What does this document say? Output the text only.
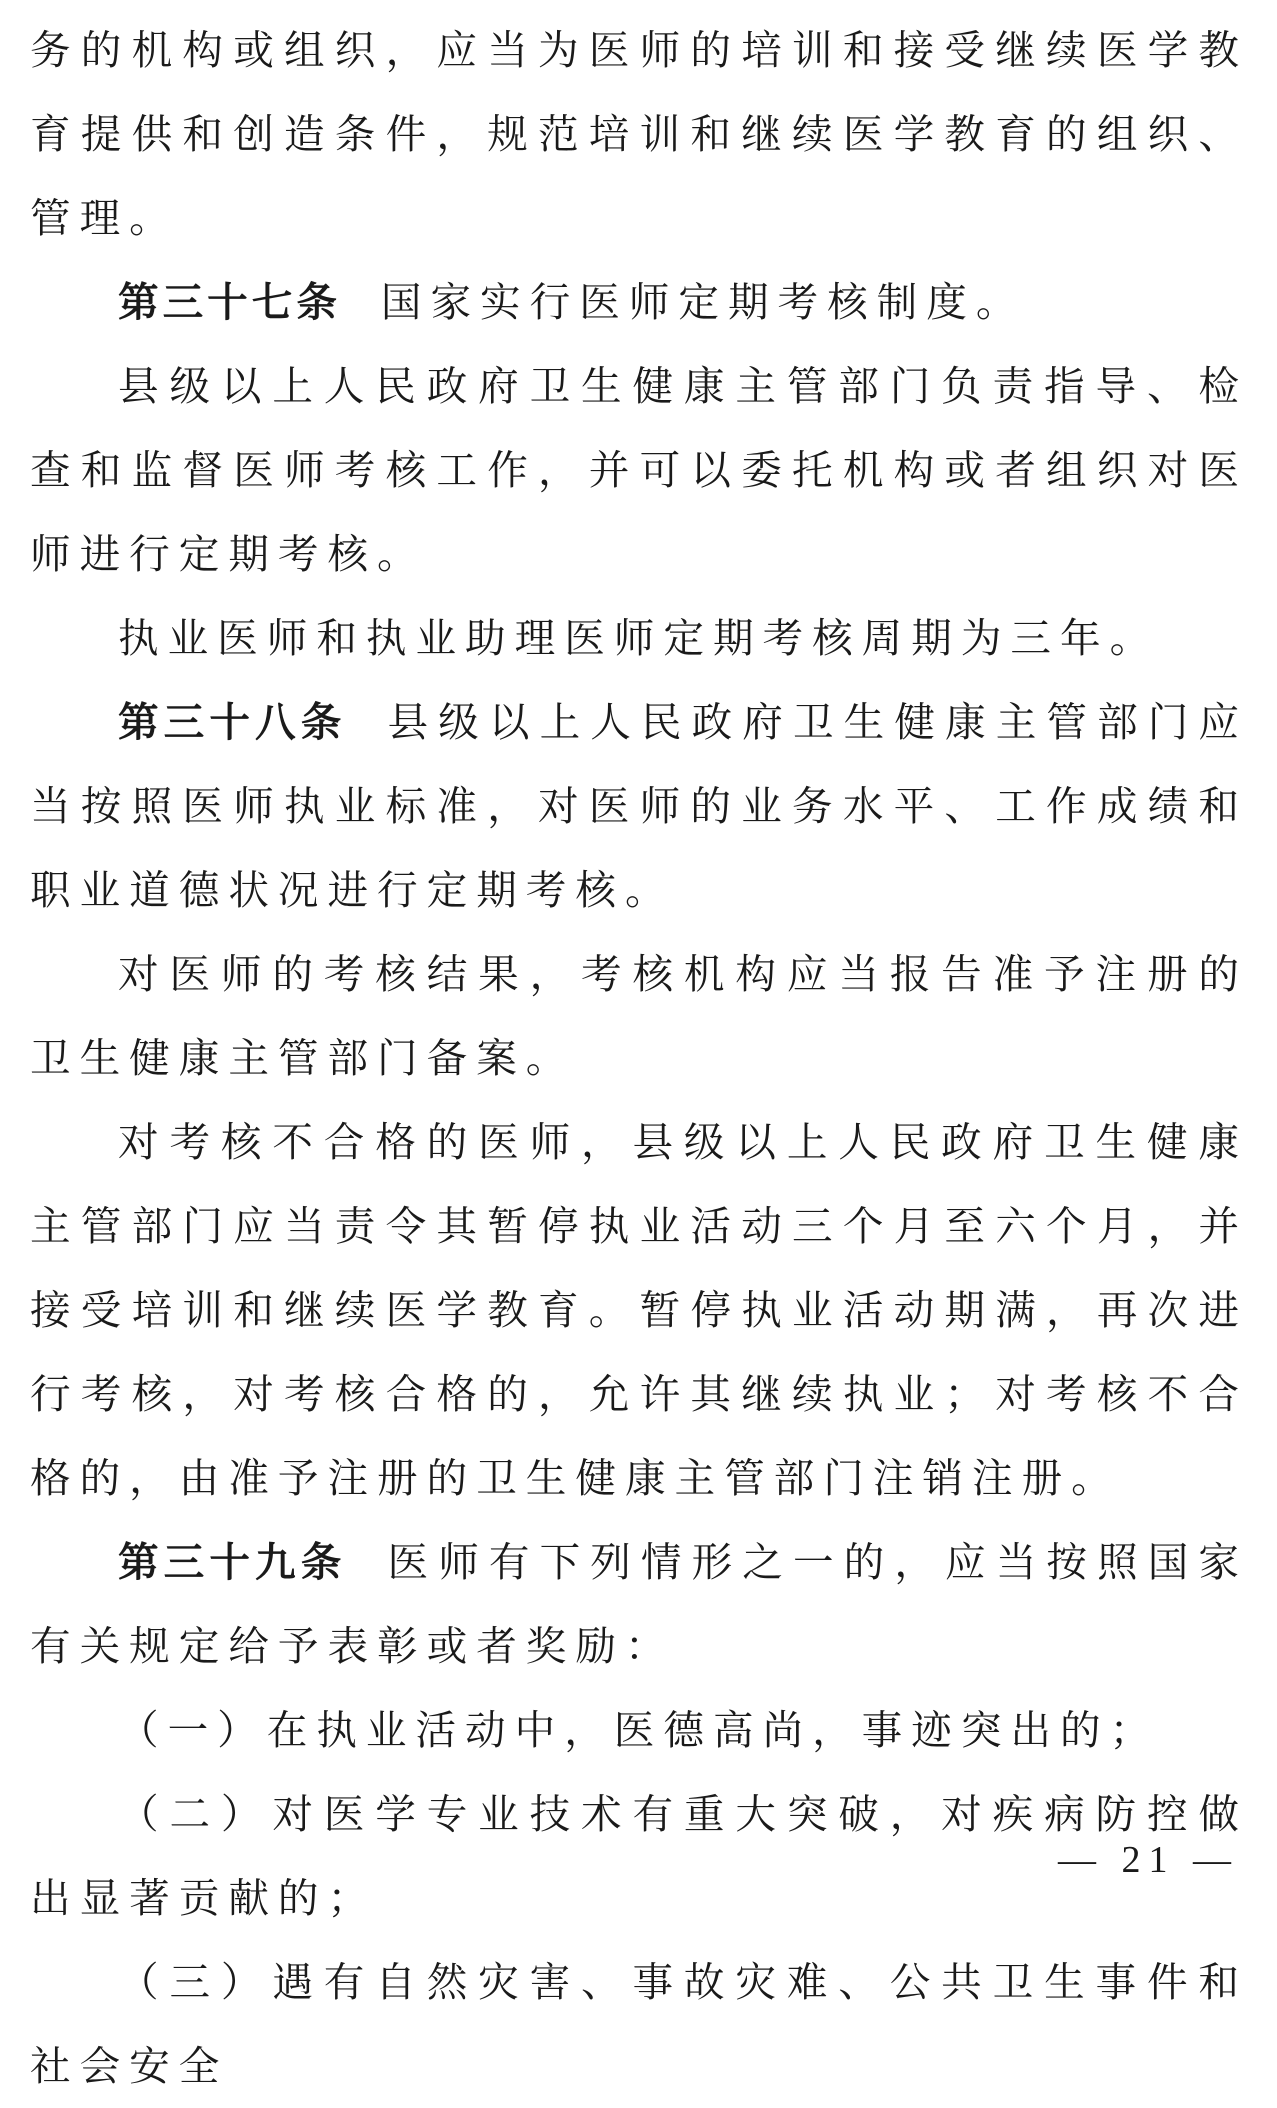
务的机构或组织，应当为医师的培训和接受继续医学教育提供和创造条件，规范培训和继续医学教育的组织、管理。

第三十七条 国家实行医师定期考核制度。

县级以上人民政府卫生健康主管部门负责指导、检查和监督医师考核工作，并可以委托机构或者组织对医师进行定期考核。

执业医师和执业助理医师定期考核周期为三年。

第三十八条 县级以上人民政府卫生健康主管部门应当按照医师执业标准，对医师的业务水平、工作成绩和职业道德状况进行定期考核。

对医师的考核结果，考核机构应当报告准予注册的卫生健康主管部门备案。

对考核不合格的医师，县级以上人民政府卫生健康主管部门应当责令其暂停执业活动三个月至六个月，并接受培训和继续医学教育。暂停执业活动期满，再次进行考核，对考核合格的，允许其继续执业；对考核不合格的，由准予注册的卫生健康主管部门注销注册。

第三十九条 医师有下列情形之一的，应当按照国家有关规定给予表彰或者奖励：

（一）在执业活动中，医德高尚，事迹突出的；

（二）对医学专业技术有重大突破，对疾病防控做出显著贡献的；

（三）遇有自然灾害、事故灾难、公共卫生事件和社会安全

— 21 —
